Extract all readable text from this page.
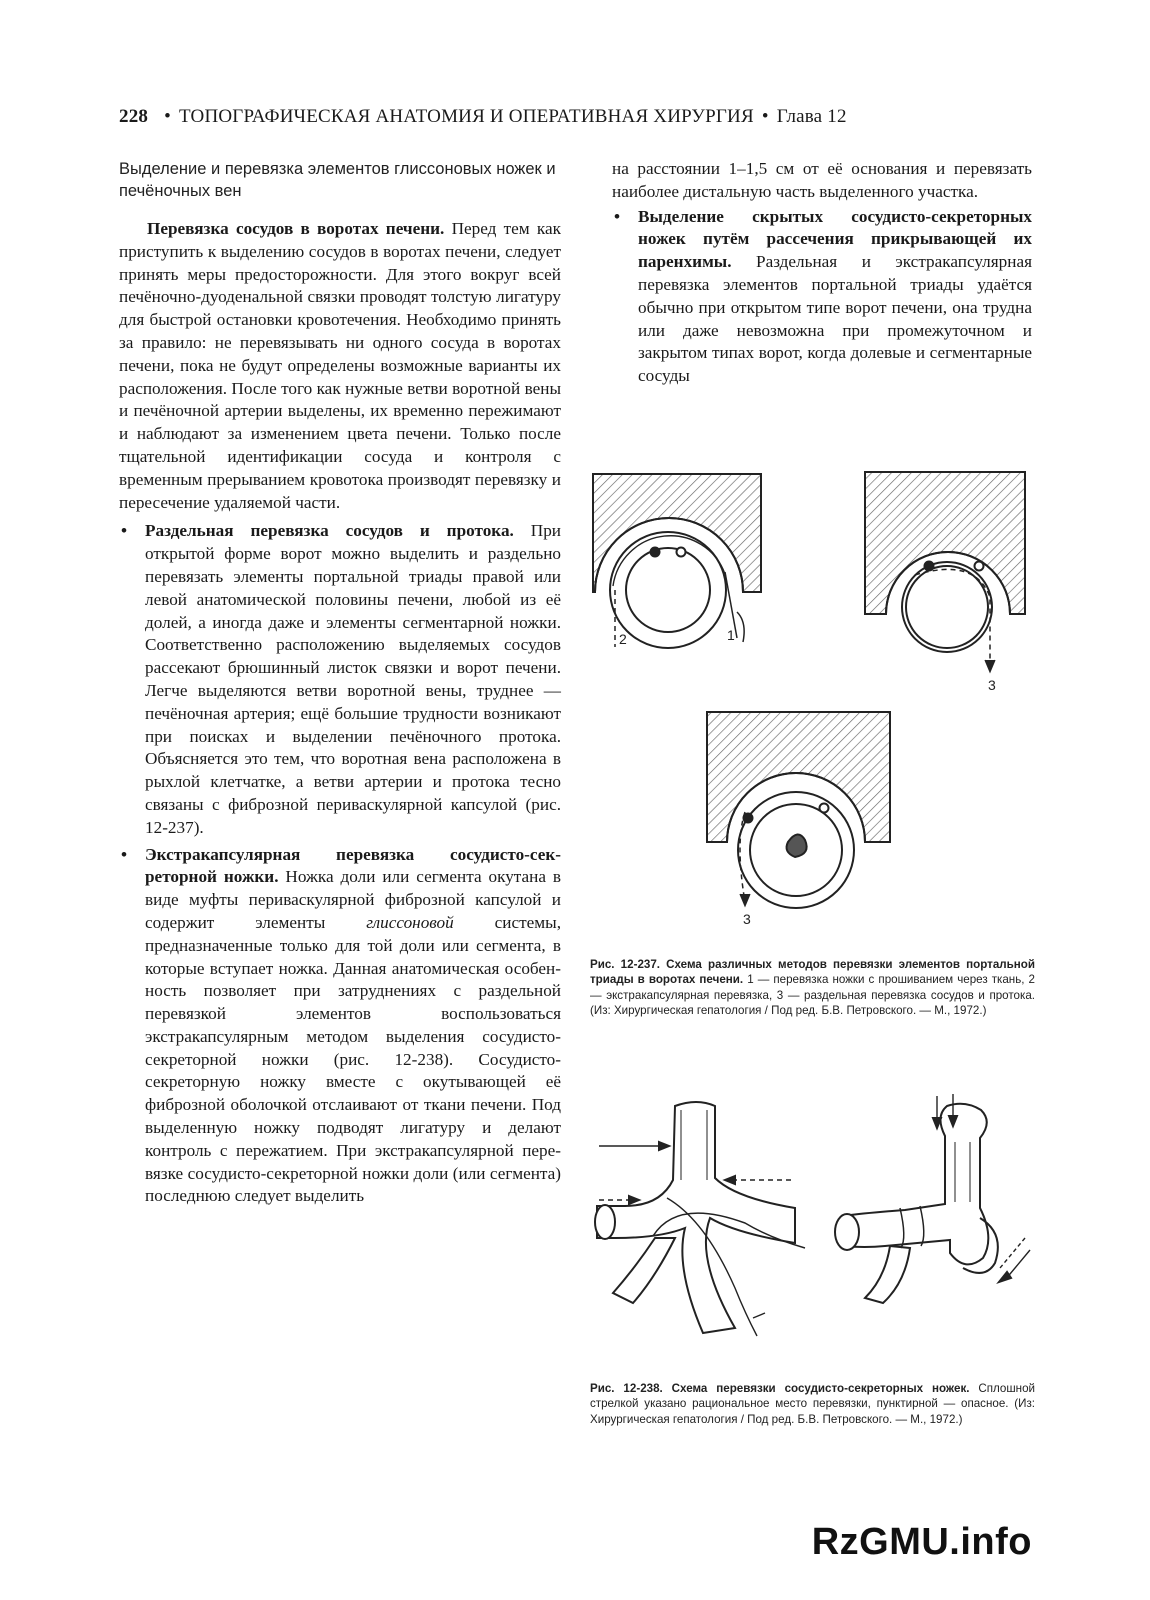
228 • ТОПОГРАФИЧЕСКАЯ АНАТОМИЯ И ОПЕРАТИВНАЯ ХИРУРГИЯ • Глава 12

Выделение и перевязка элементов глиссоновых ножек и печёночных вен

Перевязка сосудов в воротах печени. Перед тем как приступить к выделению сосудов в воротах печени, следует принять меры предосторожности. Для этого вокруг всей печёночно-дуоденальной связки проводят толстую лигатуру для быстрой остановки кровотечения. Необходимо принять за правило: не перевязывать ни одного сосуда в воротах печени, пока не будут определены возможные варианты их расположения. После того как нужные ветви воротной вены и печёночной артерии выделены, их временно пережимают и наблюдают за изменением цвета печени. Только после тщательной идентификации сосуда и контроля с временным прерыванием кровотока производят перевязку и пересечение удаляемой части.

• Раздельная перевязка сосудов и протока. При открытой форме ворот можно выделить и раздельно перевязать элементы портальной триады правой или левой анатомической половины печени, любой из её долей, а иногда даже и элементы сегментарной ножки. Соответственно расположению выделяемых сосудов рассекают брюшинный листок связки и ворот печени. Легче выделяются ветви воротной вены, труднее — печёночная артерия; ещё большие трудности возникают при поисках и выделении печёночного протока. Объясняется это тем, что воротная вена расположена в рыхлой клетчатке, а ветви артерии и протока тесно связаны с фиброзной периваскулярной капсулой (рис. 12-237).

• Экстракапсулярная перевязка сосудисто-секреторной ножки. Ножка доли или сегмента окутана в виде муфты периваскулярной фиброзной капсулой и содержит элементы глиссоновой системы, предназначенные только для той доли или сегмента, в которые вступает ножка. Данная анатомическая особенность позволяет при затруднениях с раздельной перевязкой элементов воспользоваться экстракапсулярным методом выделения сосудисто-секреторной ножки (рис. 12-238). Сосудисто-секреторную ножку вместе с окутывающей её фиброзной оболочкой отслаивают от ткани печени. Под выделенную ножку подводят лигатуру и делают контроль с пережатием. При экстракапсулярной перевязке сосудисто-секреторной ножки доли (или сегмента) последнюю следует выделить

на расстоянии 1–1,5 см от её основания и перевязать наиболее дистальную часть выделенного участка.

• Выделение скрытых сосудисто-секреторных ножек путём рассечения прикрывающей их паренхимы. Раздельная и экстракапсулярная перевязка элементов портальной триады удаётся обычно при открытом типе ворот печени, она трудна или даже невозможна при промежуточном и закрытом типах ворот, когда долевые и сегментарные сосуды

2	1
3
3

Рис. 12-237. Схема различных методов перевязки элементов портальной триады в воротах печени. 1 — перевязка ножки с прошиванием через ткань, 2 — экстракапсулярная перевязка, 3 — раздельная перевязка сосудов и протока. (Из: Хирургическая гепатология / Под ред. Б.В. Петровского. — М., 1972.)

Рис. 12-238. Схема перевязки сосудисто-секреторных ножек. Сплошной стрелкой указано рациональное место перевязки, пунктирной — опасное. (Из: Хирургическая гепатология / Под ред. Б.В. Петровского. — М., 1972.)

RzGMU.info
